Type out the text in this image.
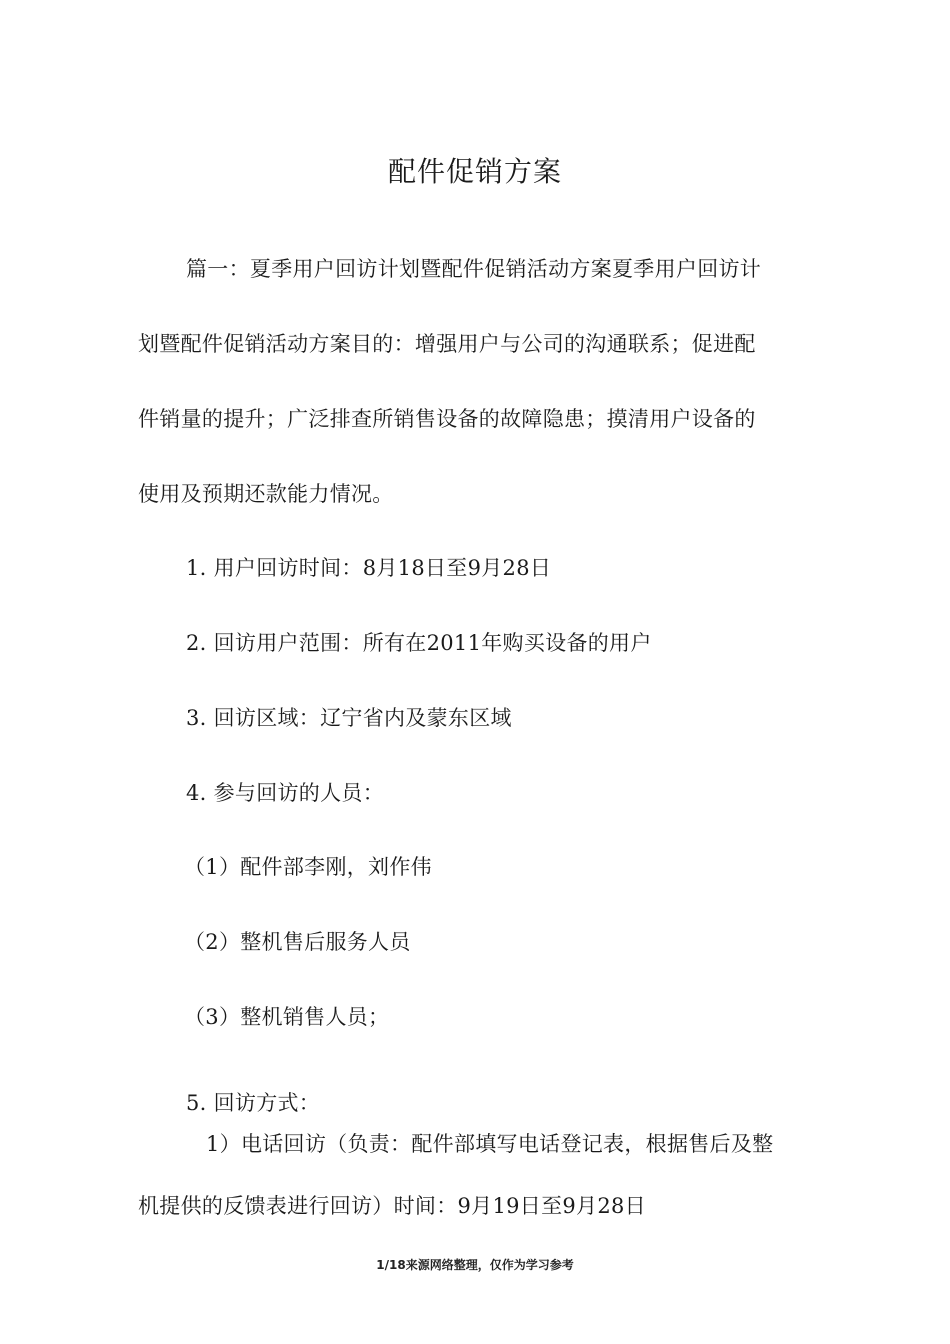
配件促销方案
篇一：夏季用户回访计划暨配件促销活动方案夏季用户回访计
划暨配件促销活动方案目的：增强用户与公司的沟通联系；促进配
件销量的提升；广泛排查所销售设备的故障隐患；摸清用户设备的
使用及预期还款能力情况。
1. 用户回访时间：8月18日至9月28日
2. 回访用户范围：所有在2011年购买设备的用户
3. 回访区域：辽宁省内及蒙东区域
4. 参与回访的人员：
（1）配件部李刚，刘作伟
（2）整机售后服务人员
（3）整机销售人员；
5. 回访方式：
1）电话回访（负责：配件部填写电话登记表，根据售后及整
机提供的反馈表进行回访）时间：9月19日至9月28日
1/18来源网络整理，仅作为学习参考
